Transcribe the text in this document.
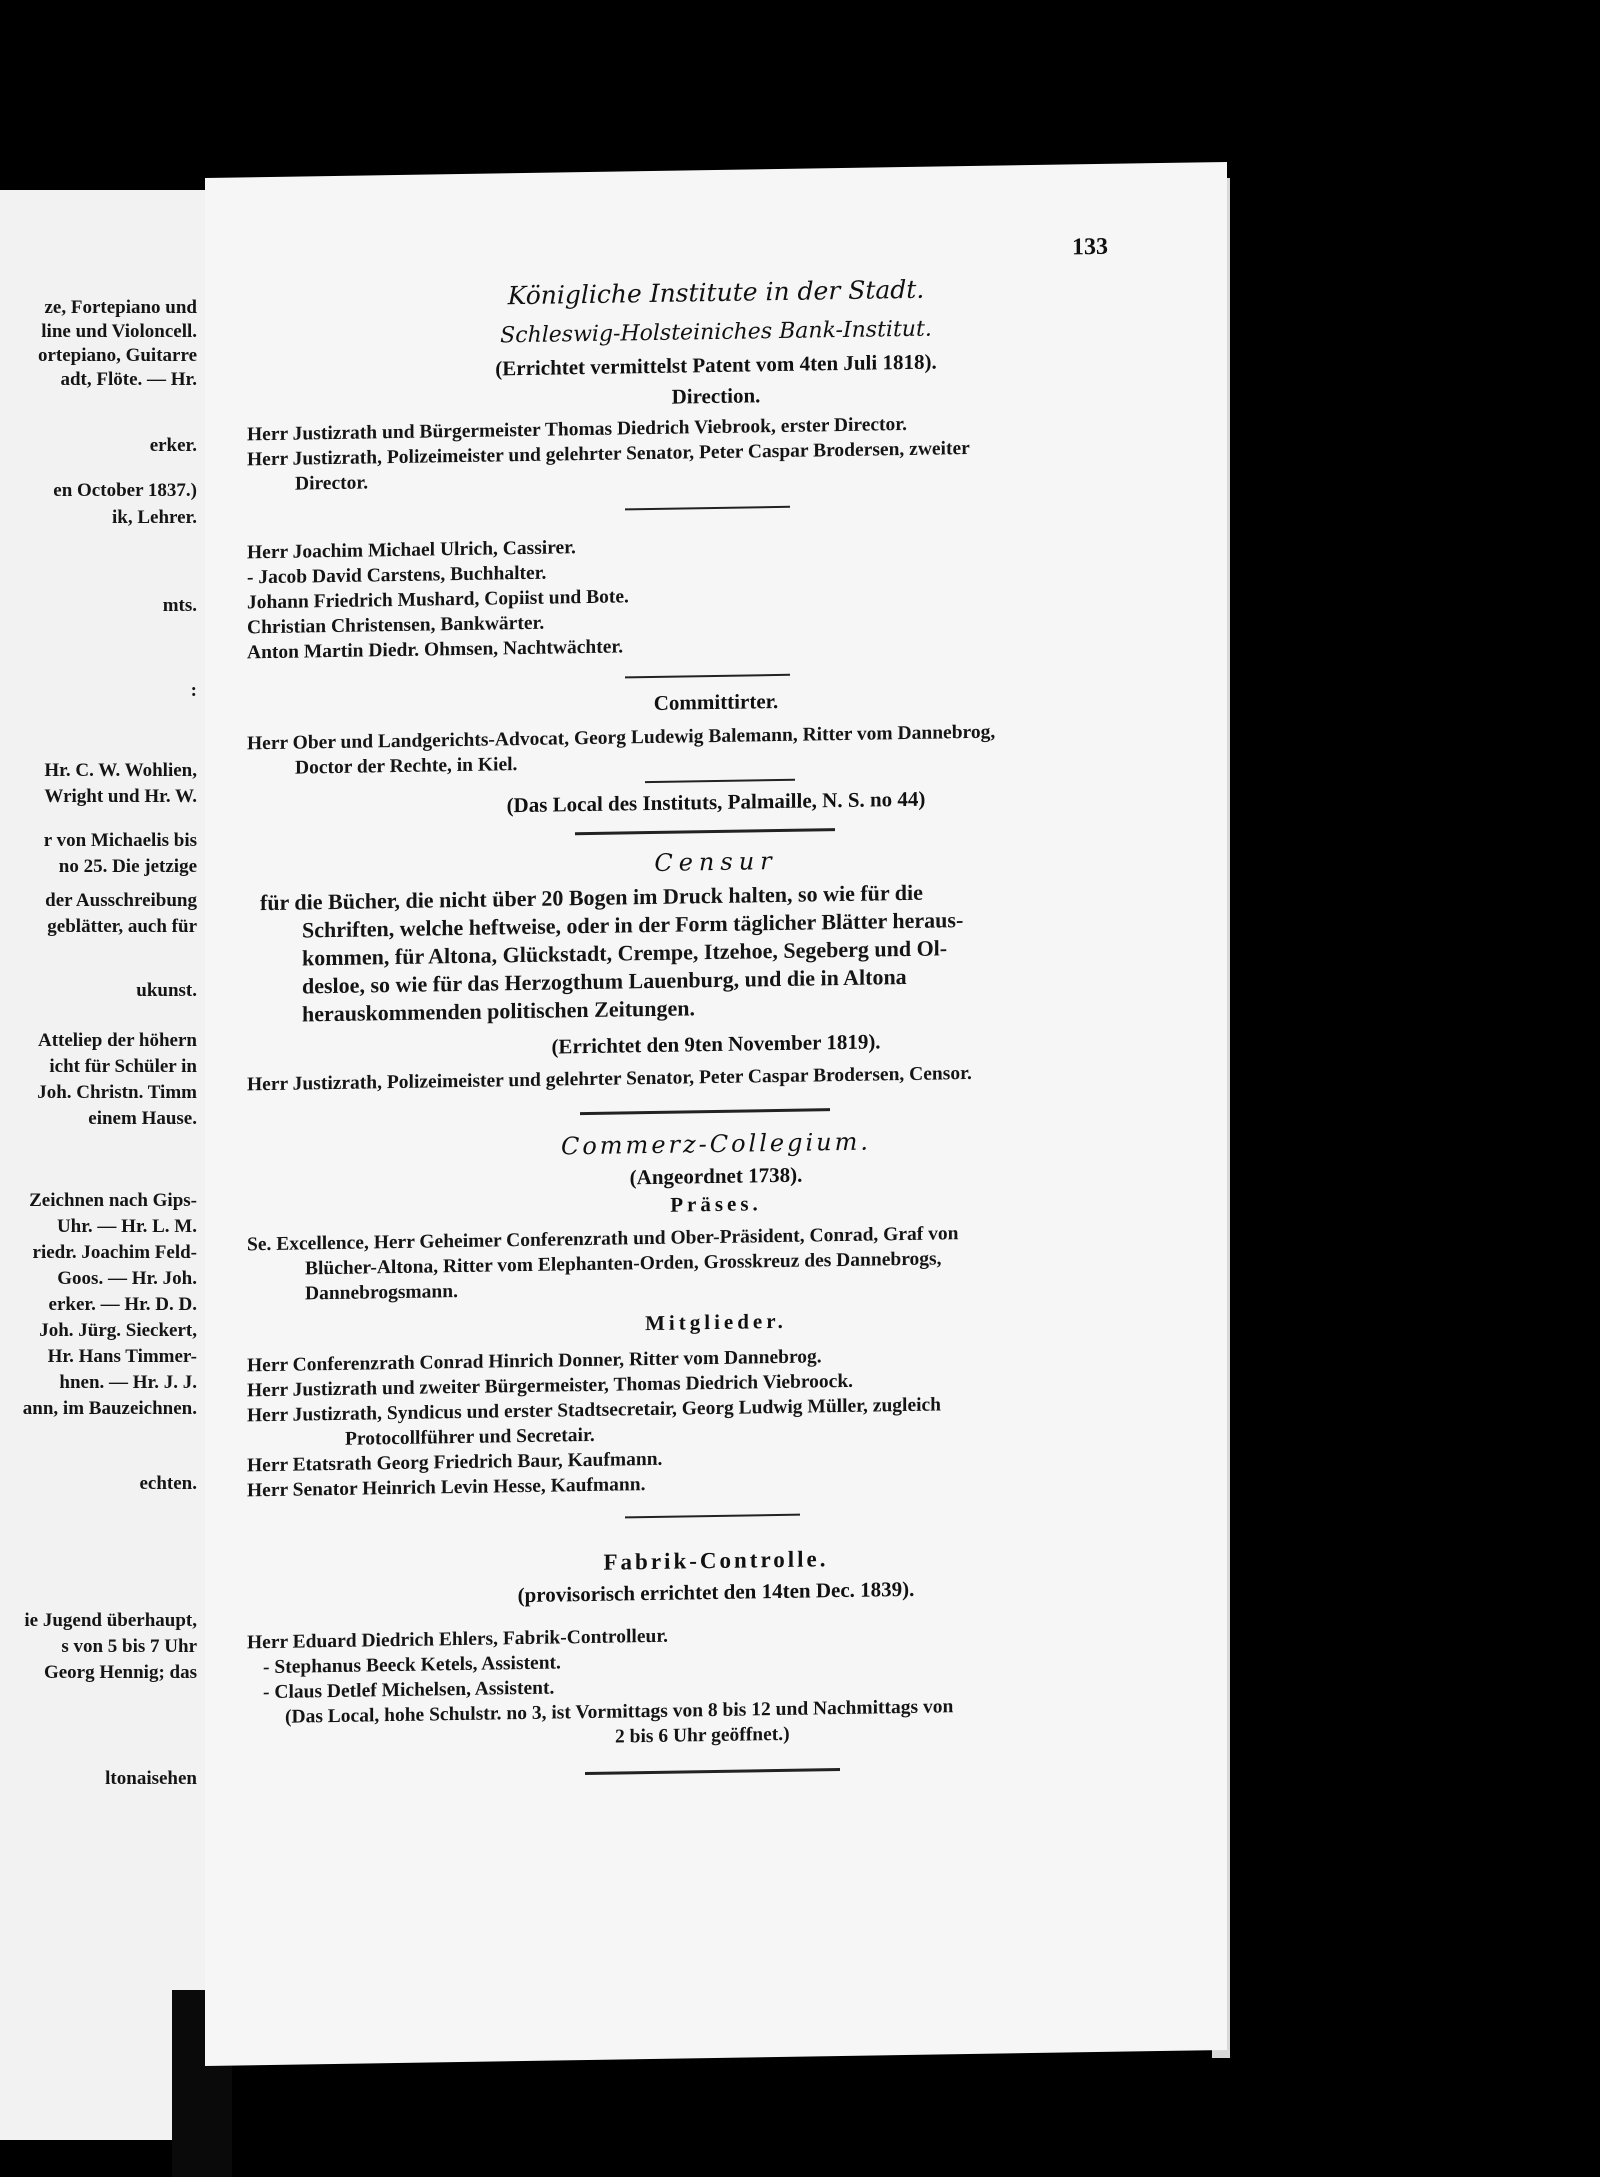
ze, Fortepiano und
line und Violoncell.
ortepiano, Guitarre
adt, Flöte. — Hr.
erker.
en October 1837.)
ik, Lehrer.
mts.
:
Hr. C. W. Wohlien,
Wright und Hr. W.
r von Michaelis bis
no 25. Die jetzige
der Ausschreibung
geblätter, auch für
ukunst.
Atteliер der höhern
icht für Schüler in
Joh. Christn. Timm
einem Hause.
Zeichnen nach Gips-
Uhr. — Hr. L. M.
riedr. Joachim Feld-
Goos. — Hr. Joh.
erker. — Hr. D. D.
Joh. Jürg. Sieckert,
Hr. Hans Timmer-
hnen. — Hr. J. J.
ann, im Bauzeichnen.
echten.
ie Jugend überhaupt,
s von 5 bis 7 Uhr
Georg Hennig; das
ltonaisehen
133
Königliche Institute in der Stadt.
Schleswig-Holsteiniches Bank-Institut.
(Errichtet vermittelst Patent vom 4ten Juli 1818).
Direction.
Herr Justizrath und Bürgermeister Thomas Diedrich Viebrook, erster Director.
Herr Justizrath, Polizeimeister und gelehrter Senator, Peter Caspar Brodersen, zweiter
Director.
Herr Joachim Michael Ulrich, Cassirer.
- Jacob David Carstens, Buchhalter.
Johann Friedrich Mushard, Copiist und Bote.
Christian Christensen, Bankwärter.
Anton Martin Diedr. Ohmsen, Nachtwächter.
Committirter.
Herr Ober und Landgerichts-Advocat, Georg Ludewig Balemann, Ritter vom Dannebrog,
Doctor der Rechte, in Kiel.
(Das Local des Instituts, Palmaille, N. S. no 44)
Censur
für die Bücher, die nicht über 20 Bogen im Druck halten, so wie für die
Schriften, welche heftweise, oder in der Form täglicher Blätter heraus-
kommen, für Altona, Glückstadt, Crempe, Itzehoe, Segeberg und Ol-
desloe, so wie für das Herzogthum Lauenburg, und die in Altona
herauskommenden politischen Zeitungen.
(Errichtet den 9ten November 1819).
Herr Justizrath, Polizeimeister und gelehrter Senator, Peter Caspar Brodersen, Censor.
Commerz-Collegium.
(Angeordnet 1738).
Präses.
Se. Excellence, Herr Geheimer Conferenzrath und Ober-Präsident, Conrad, Graf von
Blücher-Altona, Ritter vom Elephanten-Orden, Grosskreuz des Dannebrogs,
Dannebrogsmann.
Mitglieder.
Herr Conferenzrath Conrad Hinrich Donner, Ritter vom Dannebrog.
Herr Justizrath und zweiter Bürgermeister, Thomas Diedrich Viebroock.
Herr Justizrath, Syndicus und erster Stadtsecretair, Georg Ludwig Müller, zugleich
Protocollführer und Secretair.
Herr Etatsrath Georg Friedrich Baur, Kaufmann.
Herr Senator Heinrich Levin Hesse, Kaufmann.
Fabrik-Controlle.
(provisorisch errichtet den 14ten Dec. 1839).
Herr Eduard Diedrich Ehlers, Fabrik-Controlleur.
- Stephanus Beeck Ketels, Assistent.
- Claus Detlef Michelsen, Assistent.
(Das Local, hohe Schulstr. no 3, ist Vormittags von 8 bis 12 und Nachmittags von
2 bis 6 Uhr geöffnet.)
